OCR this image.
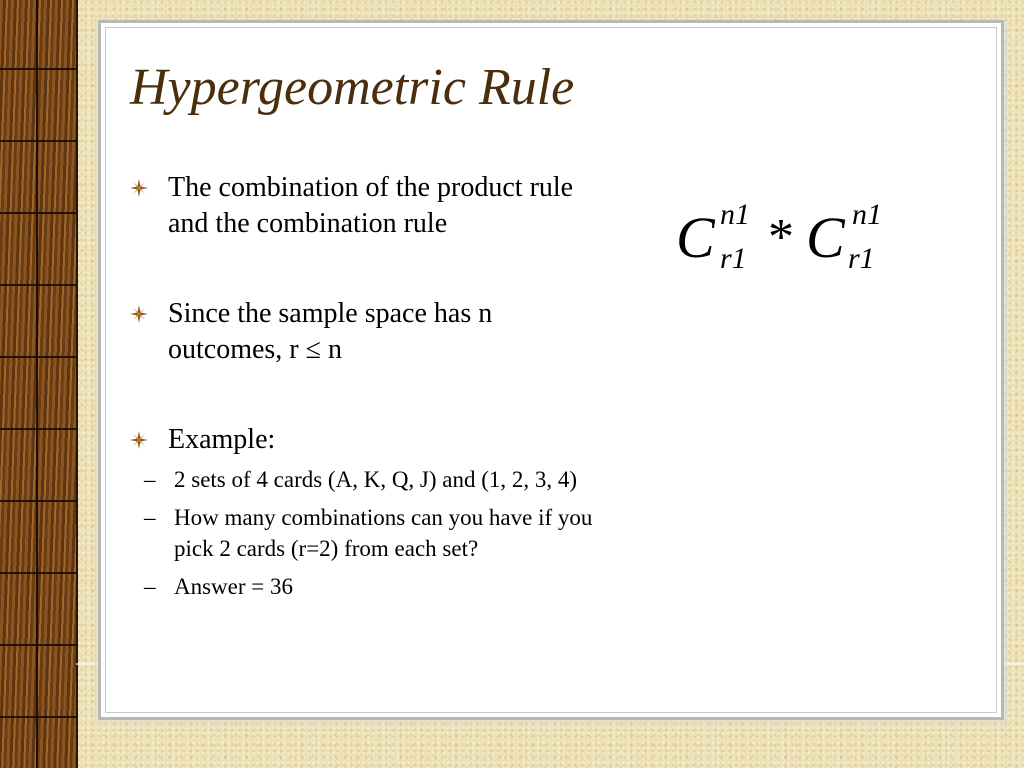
Hypergeometric Rule
The combination of the product rule and the combination rule
Since the sample space has n outcomes, r ≤ n
Example:
– 2 sets of 4 cards (A, K, Q, J) and (1, 2, 3, 4)
– How many combinations can you have if you pick 2 cards (r=2) from each set?
– Answer = 36
C n1
r1 * C n1
r1
